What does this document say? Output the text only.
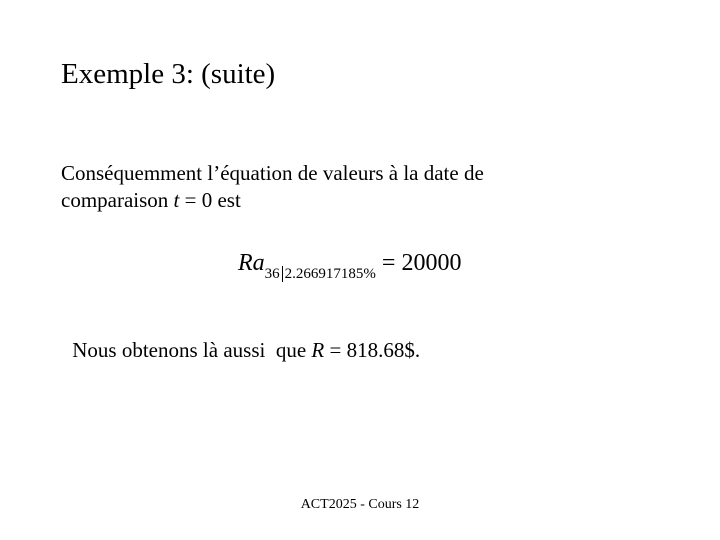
Exemple 3: (suite)
Conséquemment l’équation de valeurs à la date de
comparaison t = 0 est
Ra36 2.266917185% = 20000
Nous obtenons là aussi  que R = 818.68$.
ACT2025 - Cours 12
